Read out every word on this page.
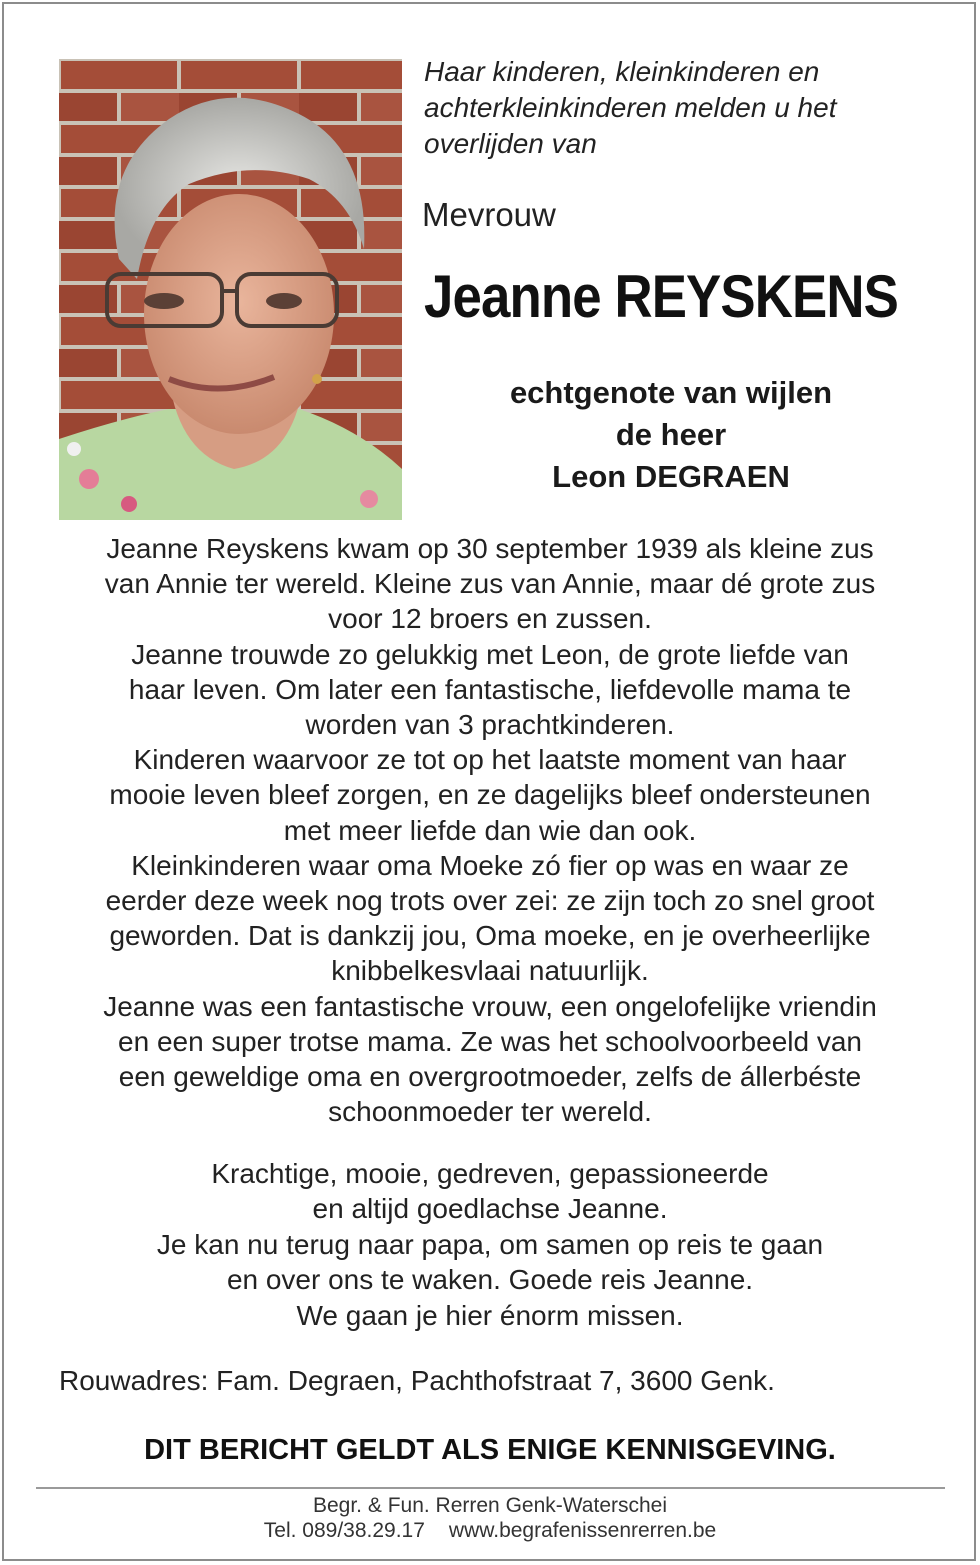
Haar kinderen, kleinkinderen en
achterkleinkinderen melden u het
overlijden van
Mevrouw
Jeanne REYSKENS
echtgenote van wijlen
de heer
Leon DEGRAEN
Jeanne Reyskens kwam op 30 september 1939 als kleine zus
van Annie ter wereld. Kleine zus van Annie, maar dé grote zus
voor 12 broers en zussen.
Jeanne trouwde zo gelukkig met Leon, de grote liefde van
haar leven. Om later een fantastische, liefdevolle mama te
worden van 3 prachtkinderen.
Kinderen waarvoor ze tot op het laatste moment van haar
mooie leven bleef zorgen, en ze dagelijks bleef ondersteunen
met meer liefde dan wie dan ook.
Kleinkinderen waar oma Moeke zó fier op was en waar ze
eerder deze week nog trots over zei: ze zijn toch zo snel groot
geworden. Dat is dankzij jou, Oma moeke, en je overheerlijke
knibbelkesvlaai natuurlijk.
Jeanne was een fantastische vrouw, een ongelofelijke vriendin
en een super trotse mama. Ze was het schoolvoorbeeld van
een geweldige oma en overgrootmoeder, zelfs de állerbéste
schoonmoeder ter wereld.
Krachtige, mooie, gedreven, gepassioneerde
en altijd goedlachse Jeanne.
Je kan nu terug naar papa, om samen op reis te gaan
en over ons te waken. Goede reis Jeanne.
We gaan je hier énorm missen.
Rouwadres: Fam. Degraen, Pachthofstraat 7, 3600 Genk.
DIT BERICHT GELDT ALS ENIGE KENNISGEVING.
Begr. & Fun. Rerren Genk-Waterschei
Tel. 089/38.29.17 www.begrafenissenrerren.be
